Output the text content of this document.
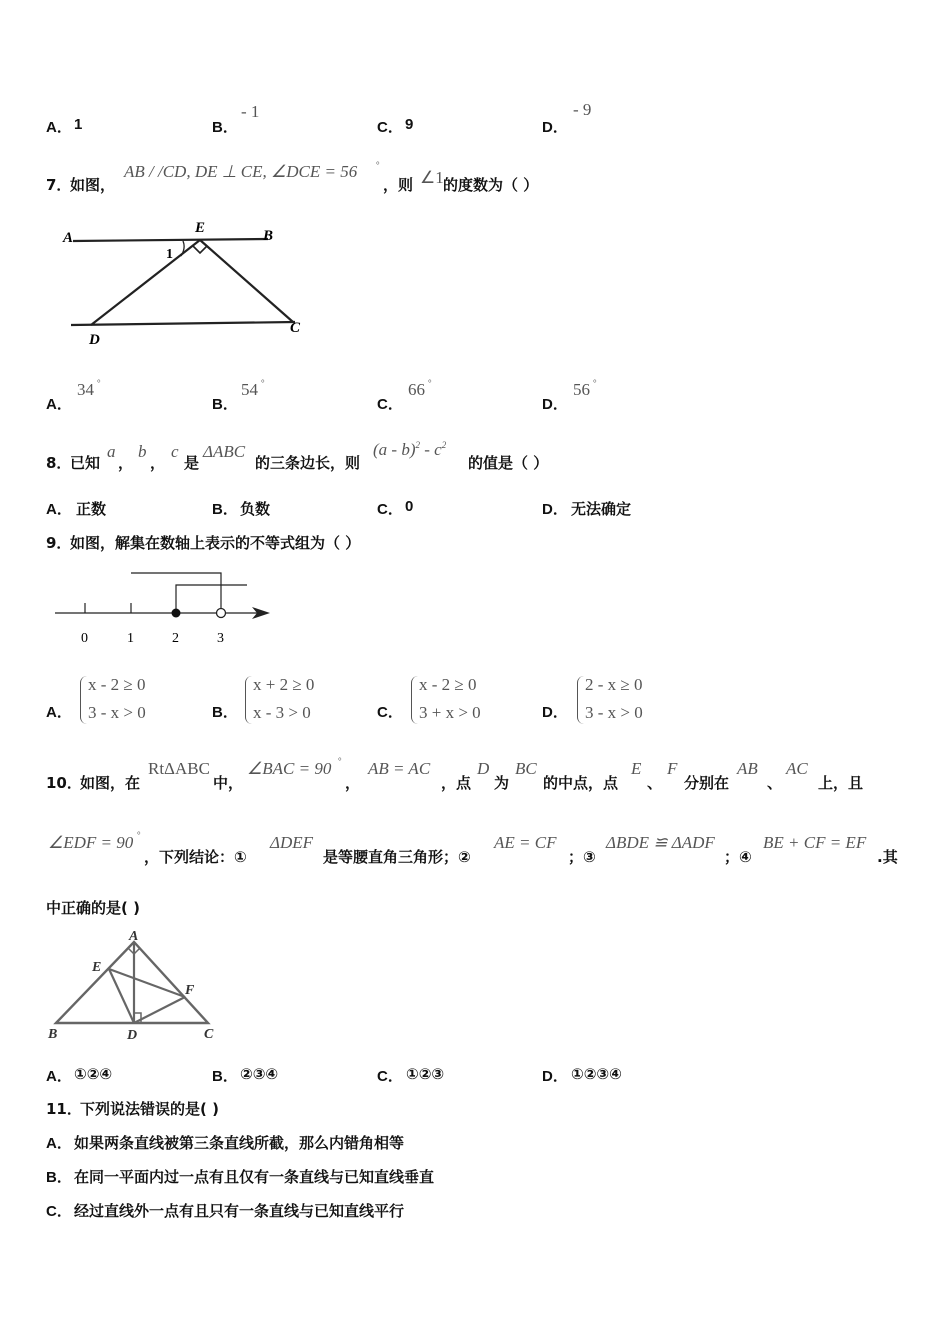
A． 1	B．
- 1
C． 9	D．
- 9
7．
如图，
AB / /CD, DE ⊥ CE, ∠DCE = 56 °
，则 ∠1 的度数为（ ）
A	B
E
1
D
C
A．
34 °
B．
54 °
C．
66 °
D．
56 °
8．
已知
a
，
b
，
c
是
ΔABC
的三条边长，则
$(a - b)^2 - c^2$
的值是（ ）
A． 正数	B． 负数	C． 0	D． 无法确定
9．
如图，解集在数轴上表示的不等式组为（ ）
0	1	2	3
A．
x - 2 ≥ 0
3 - x > 0	B．
x + 2 ≥ 0
x - 3 > 0	C．
x - 2 ≥ 0
3 + x > 0	D．
2 - x ≥ 0
3 - x > 0
10．
如图，在
RtΔABC
中，
∠BAC = 90 °
，
AB = AC
，点
D
为
BC
的中点，点
E
、
F
分别在
AB
、
AC
上，且
∠EDF = 90 °
，下列结论：①
ΔDEF
是等腰直角三角形；②
AE = CF
；③
ΔBDE ≌ ΔADF
；④
BE + CF = EF
.其
中正确的是( )
A
E
F
B	D	C
A． ①②④	B． ②③④	C． ①②③	D． ①②③④
11．
下列说法错误的是( )
A． 如果两条直线被第三条直线所截，那么内错角相等
B． 在同一平面内过一点有且仅有一条直线与已知直线垂直
C． 经过直线外一点有且只有一条直线与已知直线平行
